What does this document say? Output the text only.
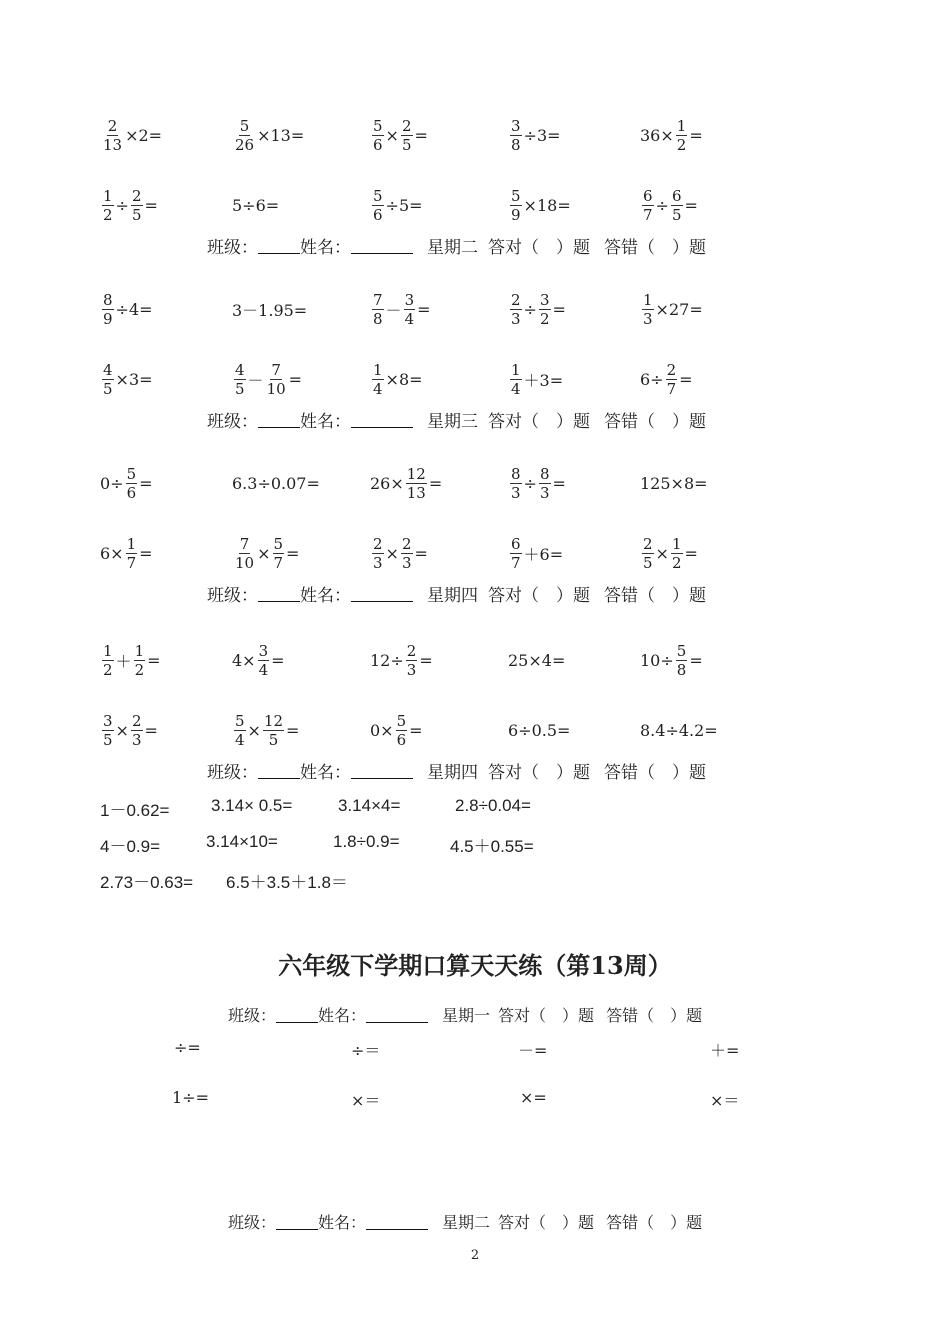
$\frac{2}{13} \times 2=$	$\frac{5}{26} \times 13=$	$\frac{5}{6} \times \frac{2}{5}$ =	$\frac{3}{8} \div 3=$	$36\times \frac{1}{2}$ =
$\frac{1}{2} \div \frac{2}{5}$ =	5÷6=	$\frac{5}{6} \div 5=$	$\frac{5}{9} \times 18=$	$\frac{6}{7} \div \frac{6}{5}$ =
班级： 姓名：	星期二 答对（　）题 答错（　）题
$\frac{8}{9} \div 4=$	3－1.95=	$\frac{7}{8} - \frac{3}{4}$ =	$\frac{2}{3} \div \frac{3}{2}$ =	$\frac{1}{3} \times 27=$
$\frac{4}{5} \times 3=$	$\frac{4}{5} - \frac{7}{10}$ =	$\frac{1}{4} \times 8=$	$\frac{1}{4} +3=$	$6\div \frac{2}{7}$ =
班级： 姓名：	星期三 答对（　）题 答错（　）题
$0\div \frac{5}{6}$ =	6.3÷0.07=	$26\times \frac{12}{13}$ =	$\frac{8}{3} \div \frac{8}{3}$ =	125×8=
$6\times \frac{1}{7}$ =	$\frac{7}{10} \times \frac{5}{7}$ =	$\frac{2}{3} \times \frac{2}{3}$ =	$\frac{6}{7} +6=$	$\frac{2}{5} \times \frac{1}{2}$ =
班级： 姓名：	星期四 答对（　）题 答错（　）题
$\frac{1}{2} + \frac{1}{2}$ =	$4\times \frac{3}{4}$ =	$12\div \frac{2}{3}$ =	25×4=	$10\div \frac{5}{8}$ =
$\frac{3}{5} \times \frac{2}{3}$ =	$\frac{5}{4} \times \frac{12}{5}$ =	$0\times \frac{5}{6}$ =	6÷0.5=	8.4÷4.2=
班级： 姓名：	星期四 答对（　）题 答错（　）题
1－0.62= 3.14× 0.5=	3.14×4=	2.8÷0.04=
4－0.9=	3.14×10=	1.8÷0.9=	4.5＋0.55=
2.73－0.63= 6.5＋3.5＋1.8＝
六年级下学期口算天天练（第13周）
班级：	姓名：	星期一 答对（　）题 答错（　）题
÷=	÷＝	－=	＋=
1÷=	×＝	×=	×＝
班级：	姓名：	星期二 答对（　）题 答错（　）题
2
